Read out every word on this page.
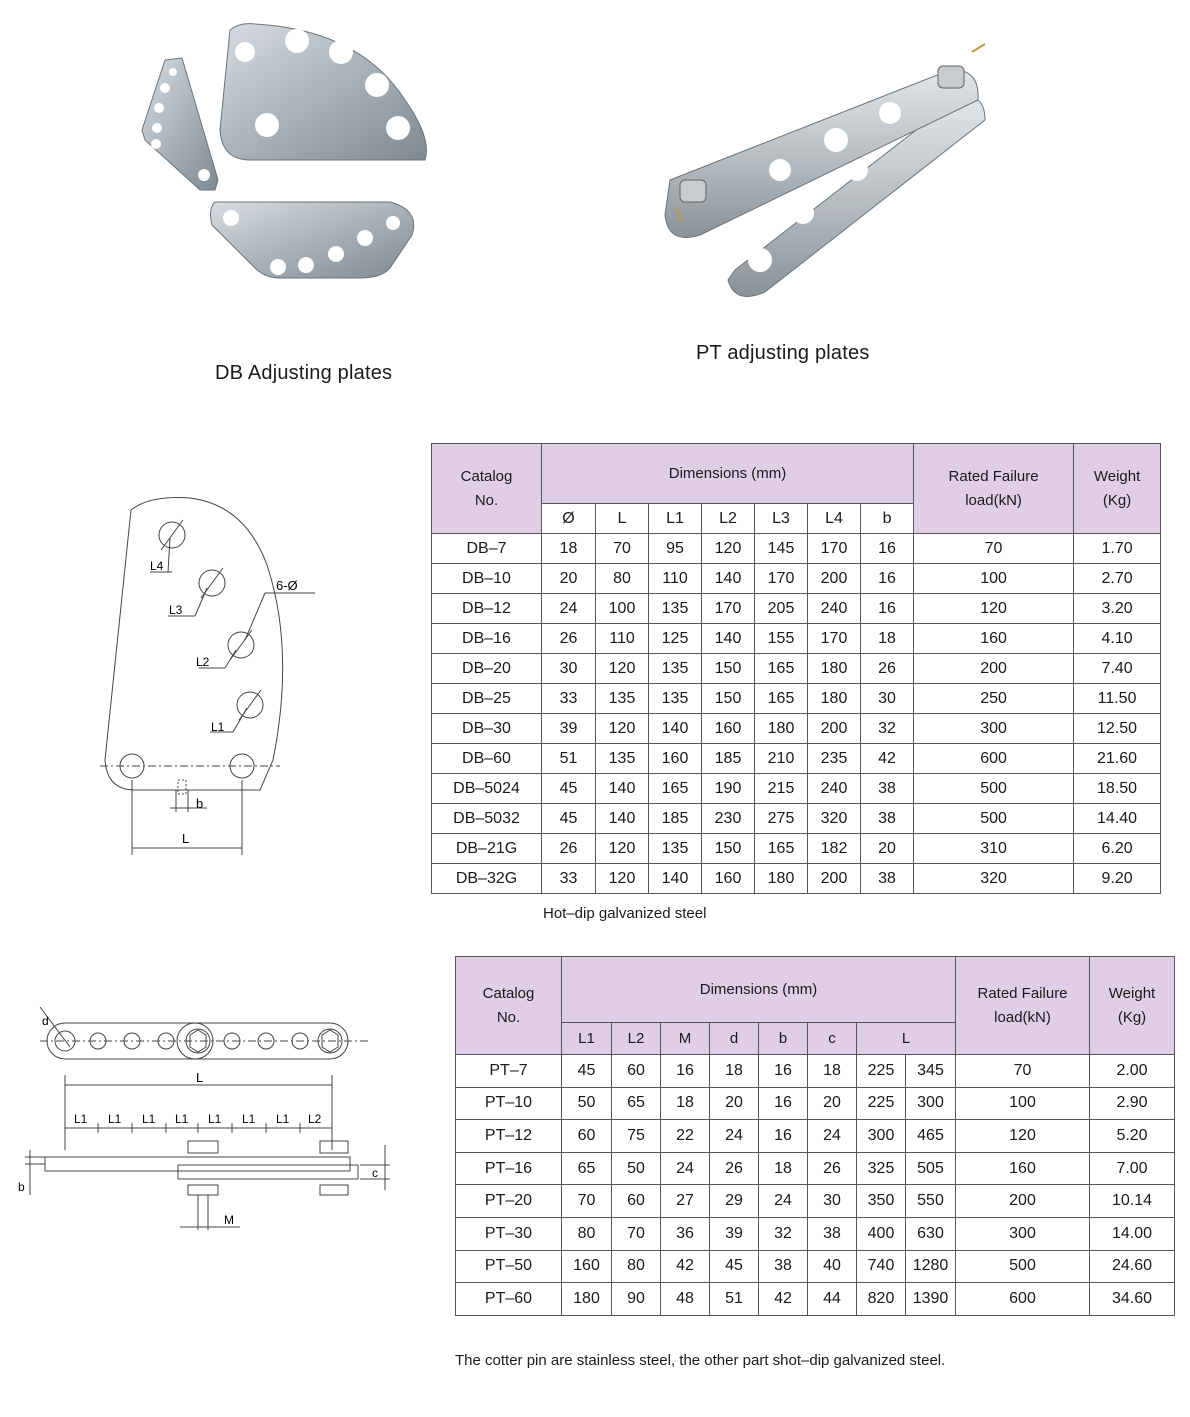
DB Adjusting plates
PT adjusting plates
L4
L3
L2
L1
6-Ø
b
L
d
L
L1 L1 L1 L1 L1 L1 L1 L2
c
b
M
Catalog
No.	Dimensions (mm)							Rated Failure
load(kN)	Weight
(Kg)
	Ø	L	L1	L2	L3	L4	b		
DB–7	18	70	95	120	145	170	16	70	1.70
DB–10	20	80	110	140	170	200	16	100	2.70
DB–12	24	100	135	170	205	240	16	120	3.20
DB–16	26	110	125	140	155	170	18	160	4.10
DB–20	30	120	135	150	165	180	26	200	7.40
DB–25	33	135	135	150	165	180	30	250	11.50
DB–30	39	120	140	160	180	200	32	300	12.50
DB–60	51	135	160	185	210	235	42	600	21.60
DB–5024	45	140	165	190	215	240	38	500	18.50
DB–5032	45	140	185	230	275	320	38	500	14.40
DB–21G	26	120	135	150	165	182	20	310	6.20
DB–32G	33	120	140	160	180	200	38	320	9.20
Hot–dip galvanized steel
Catalog
No.	Dimensions (mm)								Rated Failure
load(kN)	Weight
(Kg)
	L1	L2	M	d	b	c	L			
PT–7	45	60	16	18	16	18	225	345	70	2.00
PT–10	50	65	18	20	16	20	225	300	100	2.90
PT–12	60	75	22	24	16	24	300	465	120	5.20
PT–16	65	50	24	26	18	26	325	505	160	7.00
PT–20	70	60	27	29	24	30	350	550	200	10.14
PT–30	80	70	36	39	32	38	400	630	300	14.00
PT–50	160	80	42	45	38	40	740	1280	500	24.60
PT–60	180	90	48	51	42	44	820	1390	600	34.60
The cotter pin are stainless steel, the other part shot–dip galvanized steel.
